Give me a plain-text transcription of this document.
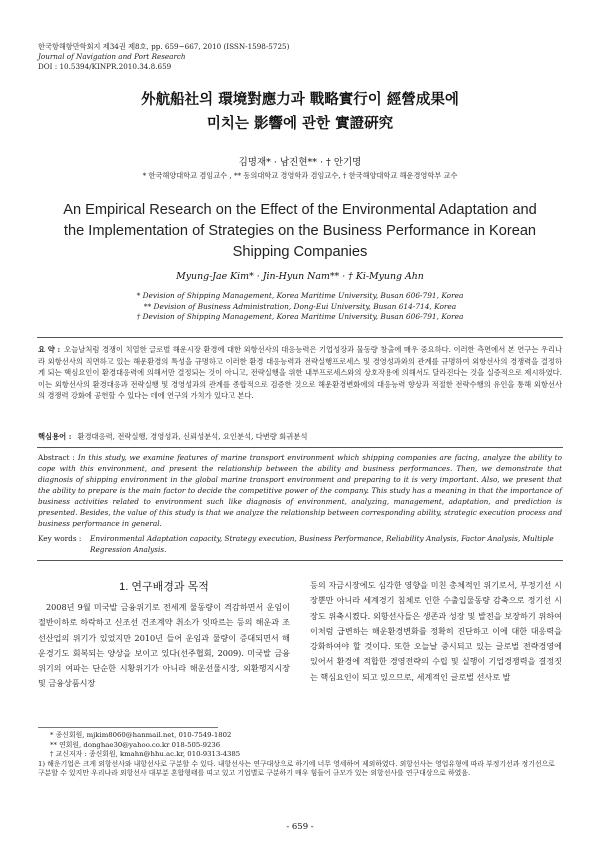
한국항해항만학회지 제34권 제8호, pp. 659~667, 2010 (ISSN-1598-5725)
Journal of Navigation and Port Research
DOI : 10.5394/KINPR.2010.34.8.659
外航船社의 環境對應力과 戰略實行이 經營成果에
미치는 影響에 관한 實證硏究
김명재* · 남진현** · † 안기명
* 한국해양대학교 겸임교수 , ** 동의대학교 경영학과 겸임교수, † 한국해양대학교 해운경영학부 교수
An Empirical Research on the Effect of the Environmental Adaptation and the Implementation of Strategies on the Business Performance in Korean Shipping Companies
Myung-Jae Kim* · Jin-Hyun Nam** · † Ki-Myung Ahn
* Devision of Shipping Management, Korea Maritime University, Busan 606-791, Korea
** Devision of Business Administration, Dong-Eui University, Busan 614-714, Korea
† Devision of Shipping Management, Korea Maritime University, Busan 606-791, Korea
요 약 : 오늘날처럼 경쟁이 치열한 글로벌 해운시장 환경에 대한 외항선사의 대응능력은 기업성장과 물동량 창출에 매우 중요하다. 이러한 측면에서 본 연구는 우리나라 외항선사의 직면하고 있는 해운환경의 특성을 규명하고 이러한 환경 대응능력과 전략실행프로세스 및 경영성과와의 관계를 규명하여 외항선사의 경쟁력을 결정하게 되는 핵심요인이 환경대응력에 의해서만 결정되는 것이 아니고, 전략실행을 위한 내부프로세스와의 상호작용에 의해서도 달라진다는 것을 실증적으로 제시하였다. 이는 외항선사의 환경대응과 전략실행 및 경영성과의 관계를 종합적으로 검증한 것으로 해운환경변화에의 대응능력 향상과 적절한 전략수행의 유인을 통해 외항선사의 경쟁력 강화에 공헌할 수 있다는 데에 연구의 가치가 있다고 본다.
핵심용어 : 환경대응력, 전략실행, 경영성과, 신뢰성분석, 요인분석, 다변량 회귀분석
Abstract : In this study, we examine features of marine transport environment which shipping companies are facing, analyze the ability to cope with this environment, and present the relationship between the ability and business performances. Then, we demonstrate that diagnosis of shipping environment in the global marine transport environment and preparing to it is very important. Also, we present that the ability to prepare is the main factor to decide the competitive power of the company. This study has a meaning in that the importance of business activities related to environment such like diagnosis of environment, analyzing, management, adaptation, and prediction is presented. Besides, the value of this study is that we analyze the relationship between corresponding ability, strategic execution process and business performance in general.
Key words : Environmental Adaptation capacity, Strategy execution, Business Performance, Reliability Analysis, Factor Analysis, Multiple Regression Analysis.
1. 연구배경과 목적
2008년 9월 미국발 금융위기로 전세계 물동량이 격감하면서 운임이 절반이하로 하락하고 신조선 건조계약 취소가 잇따르는 등의 해운과 조선산업의 위기가 있었지만 2010년 들어 운임과 물량이 증대되면서 해운경기도 회복되는 양상을 보이고 있다(선주협회, 2009). 미국발 금융위기의 여파는 단순한 시황위기가 아니라 해운선물시장, 외환행지시장 및 금융상품시장
등의 자금시장에도 심각한 영향을 미친 총체적인 위기로서, 부정기선 시장뿐만 아니라 세계경기 침체로 인한 수출입물동량 감축으로 정기선 시장도 위축시켰다. 외항선사들은 생존과 성장 및 발전을 보장하기 위하여 이처럼 급변하는 해운환경변화를 정확히 진단하고 이에 대한 대응력을 강화하여야 할 것이다. 또한 오늘날 중시되고 있는 글로벌 전략경영에 있어서 환경에 적합한 경영전략의 수립 및 실행이 기업경쟁력을 결정짓는 핵심요인이 되고 있으므로, 세계적인 글로벌 선사로 발
* 종신회원, mjkim8060@hanmail.net, 010-7549-1802
** 연회원, donghae30@yahoo.co.kr 018-505-9236
† 교신저자 : 종신회원, kmahn@hhu.ac.kr, 010-9313-4385
1) 해운기업은 크게 외항선사와 내항선사로 구분할 수 있다. 내항선사는 연구대상으로 하기에 너무 영세하여 제외하였다. 외항선사는 영업유형에 따라 부정기선과 정기선으로 구분할 수 있지만 우리나라 외항선사 대부분 혼합형태를 띠고 있고 기업별로 구분하기 매우 힘들어 규모가 있는 외항선사를 연구대상으로 하였음.
- 659 -
